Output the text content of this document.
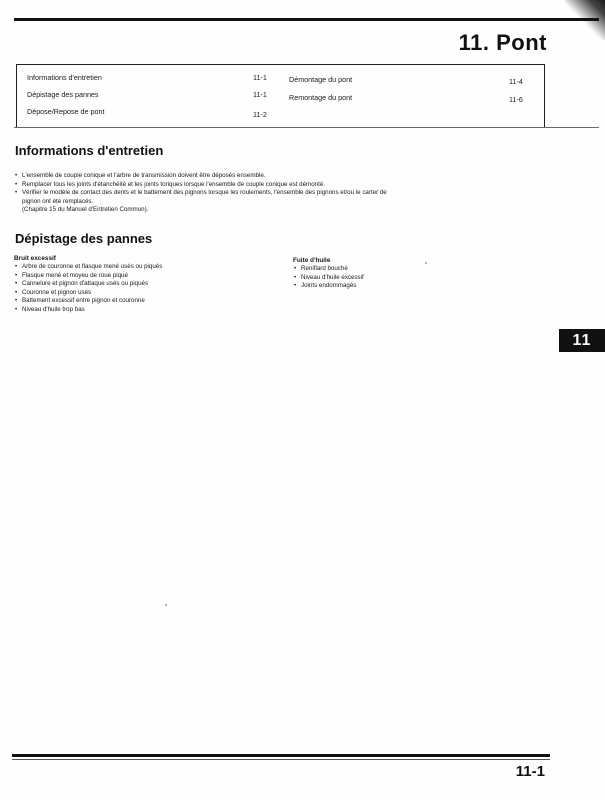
11. Pont
Informations d'entretien	11-1
Dépistage des pannes	11-1
Dépose/Repose de pont	11-2
Démontage du pont	11-4
Remontage du pont	11-6
Informations d'entretien
• L'ensemble de couple conique et l'arbre de transmission doivent être déposés ensemble.
• Remplacer tous les joints d'étanchéité et les joints toriques lorsque l'ensemble de couple conique est démonté.
• Vérifier le modèle de contact des dents et le battement des pignons lorsque les roulements, l'ensemble des pignons et/ou le carter de
pignon ont été remplacés.
(Chapitre 15 du Manuel d'Entretien Commun).
Dépistage des pannes
Bruit excessif
• Arbre de couronne et flasque mené usés ou piqués
• Flasque mené et moyeu de roue piqué
• Cannelure et pignon d'attaque usés ou piqués
• Couronne et pignon usés
• Battement excessif entre pignon et couronne
• Niveau d'huile trop bas
Fuite d'huile
• Reniflard bouché
• Niveau d'huile excessif
• Joints endommagés
11
11-1
